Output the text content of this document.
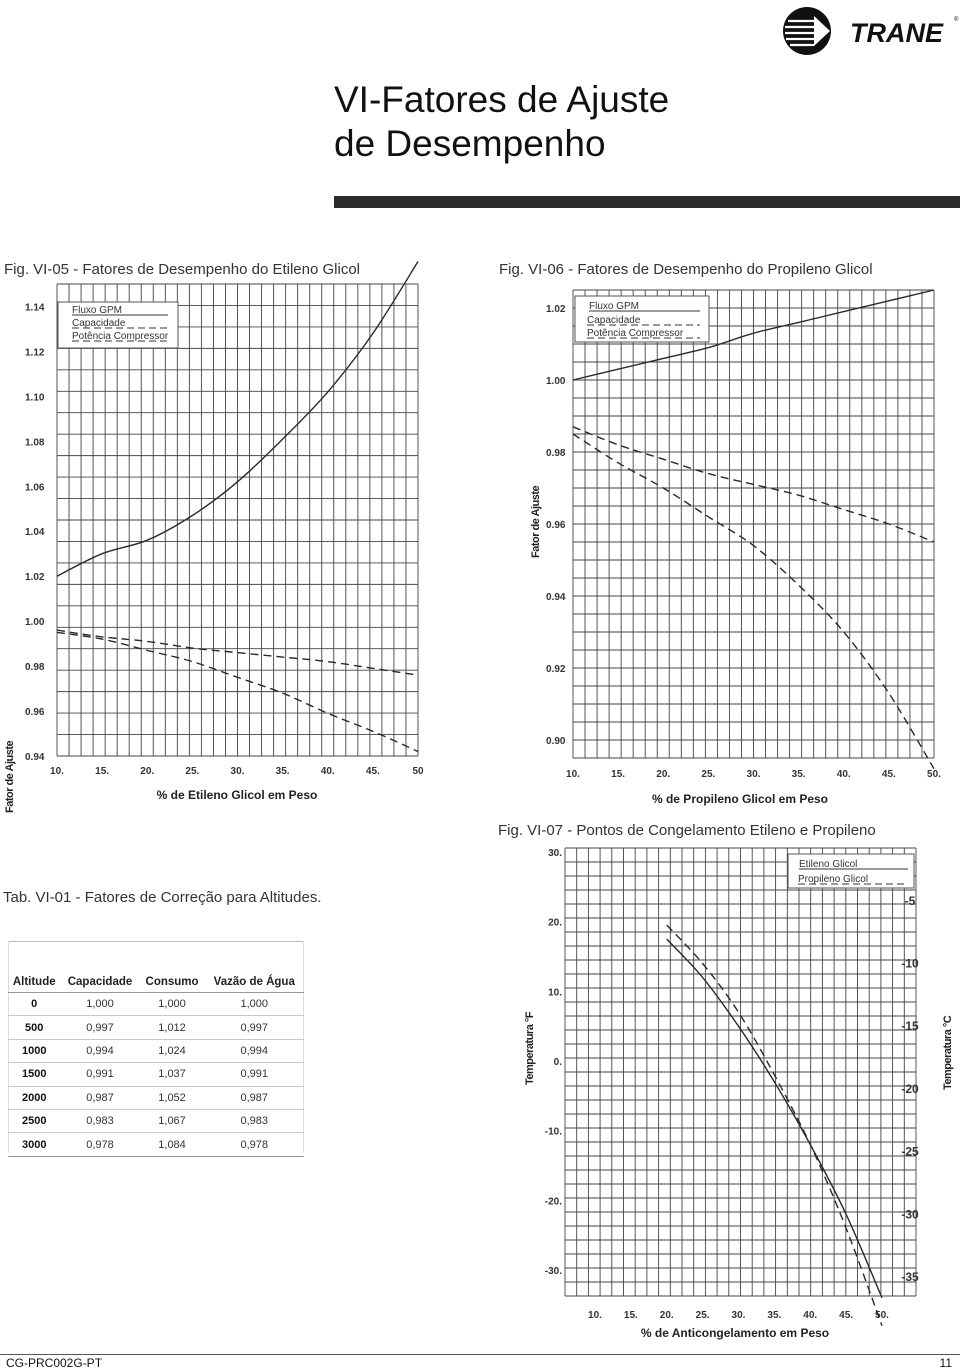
TRANE ®
VI-Fatores de Ajuste
de Desempenho
Fig. VI-05 - Fatores de Desempenho do Etileno Glicol	Fig. VI-06 - Fatores de Desempenho do Propileno Glicol
Fig. VI-07 - Pontos de Congelamento Etileno e Propileno
1.14
1.12
1.10
1.08
1.06
1.04
1.02
1.00
0.98
0.96
0.94
10.	15.	20.	25.	30.	35.	40.	45.	50
Fluxo GPM
Capacidade
Potência Compressor
Fator de Ajuste	% de Etileno Glicol em Peso
1.02
1.00
0.98
0.96
0.94
0.92
0.90
10.	15.	20.	25.	30.	35.	40.	45.	50.
Fluxo GPM
Capacidade
Potência Compressor
Fator de Ajuste
% de Propileno Glicol em Peso
Tab. VI-01 - Fatores de Correção para Altitudes.
Altitude	Capacidade	Consumo	Vazão de Água
0	1,000	1,000	1,000
500	0,997	1,012	0,997
1000	0,994	1,024	0,994
1500	0,991	1,037	0,991
2000	0,987	1,052	0,987
2500	0,983	1,067	0,983
3000	0,978	1,084	0,978
30.
20.
10.
0.
-10.
-20.
-30.
-5
-10
-15
-20
-25
-30
-35
10. 15. 20. 25. 30. 35. 40. 45. 50.
Etileno Glicol
Propileno Glicol
Temperatura °F	Temperatura °C
% de Anticongelamento em Peso
CG-PRC002G-PT	11
